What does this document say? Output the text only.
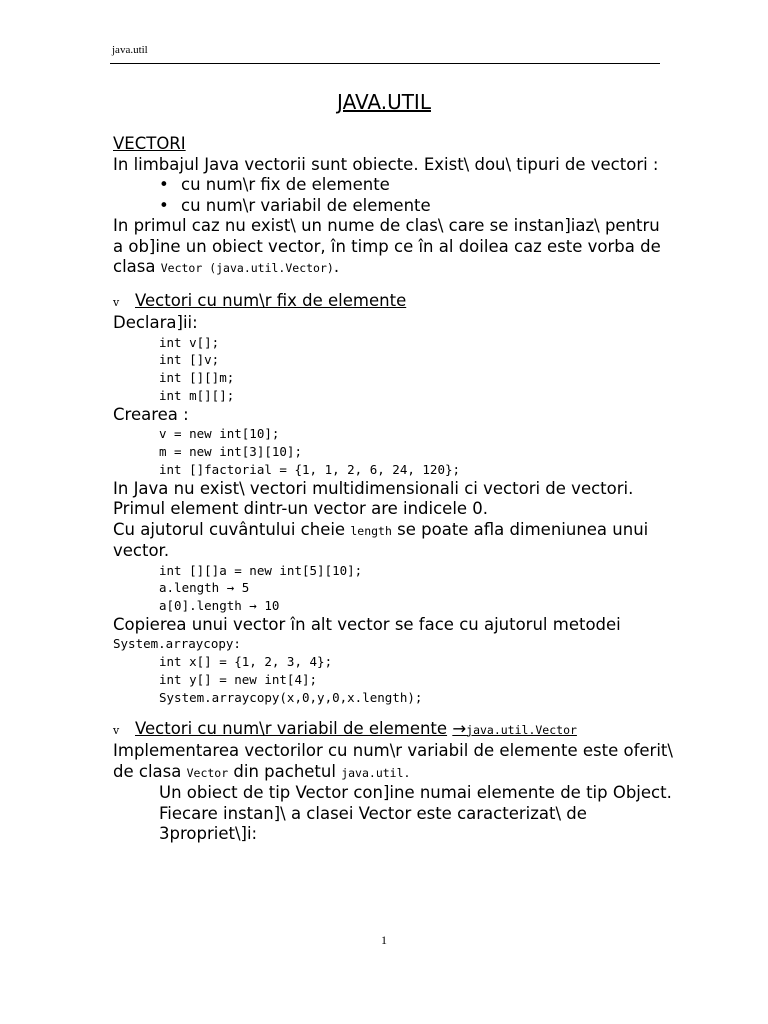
java.util
JAVA.UTIL

VECTORI

In limbajul Java vectorii sunt obiecte. Exist\ dou\ tipuri de vectori :

• cu num\r fix de elemente

• cu num\r variabil de elemente

In primul caz nu exist\ un nume de clas\ care se instan]iaz\ pentru a ob]ine un obiect vector, în timp ce în al doilea caz este vorba de clasa Vector (java.util.Vector).

v Vectori cu num\r fix de elemente

Declara]ii:

int v[];
int []v;
int [][]m;
int m[][];

Crearea :

v = new int[10];
m = new int[3][10];
int []factorial = {1, 1, 2, 6, 24, 120};

In Java nu exist\ vectori multidimensionali ci vectori de vectori. Primul element dintr-un vector are indicele 0.

Cu ajutorul cuvântului cheie length se poate afla dimeniunea unui vector.

int [][]a = new int[5][10];
a.length → 5
a[0].length → 10

Copierea unui vector în alt vector se face cu ajutorul metodei

System.arraycopy:
int x[] = {1, 2, 3, 4};
int y[] = new int[4];
System.arraycopy(x,0,y,0,x.length);

v Vectori cu num\r variabil de elemente →java.util.Vector

Implementarea vectorilor cu num\r variabil de elemente este oferit\ de clasa Vector din pachetul java.util.

Un obiect de tip Vector con]ine numai elemente de tip Object.

Fiecare instan]\ a clasei Vector este caracterizat\ de 3propriet\]i:

1
